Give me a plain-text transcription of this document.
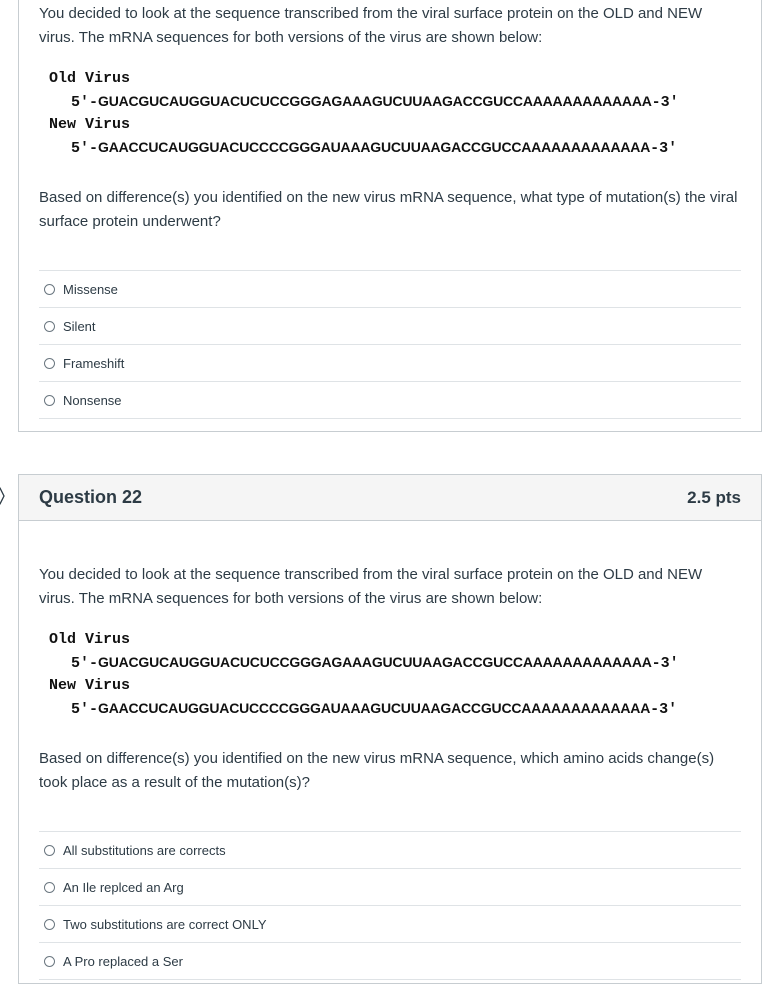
You decided to look at the sequence transcribed from the viral surface protein on the OLD and NEW virus. The mRNA sequences for both versions of the virus are shown below:

Old Virus
5′-GUACGUCAUGGUACUCUCCGGGAGAAAGUCUUAAGACCGUCCAAAAAAAAAAAAA-3′
New Virus
5′-GAACCUCAUGGUACUCCCCGGGAUAAAGUCUUAAGACCGUCCAAAAAAAAAAAAA-3′

Based on difference(s) you identified on the new virus mRNA sequence, what type of mutation(s) the viral surface protein underwent?

Missense
Silent
Frameshift
Nonsense
Question 22	2.5 pts

You decided to look at the sequence transcribed from the viral surface protein on the OLD and NEW virus. The mRNA sequences for both versions of the virus are shown below:

Old Virus
5′-GUACGUCAUGGUACUCUCCGGGAGAAAGUCUUAAGACCGUCCAAAAAAAAAAAAA-3′
New Virus
5′-GAACCUCAUGGUACUCCCCGGGAUAAAGUCUUAAGACCGUCCAAAAAAAAAAAAA-3′

Based on difference(s) you identified on the new virus mRNA sequence, which amino acids change(s) took place as a result of the mutation(s)?

All substitutions are corrects
An Ile replced an Arg
Two substitutions are correct ONLY
A Pro replaced a Ser
